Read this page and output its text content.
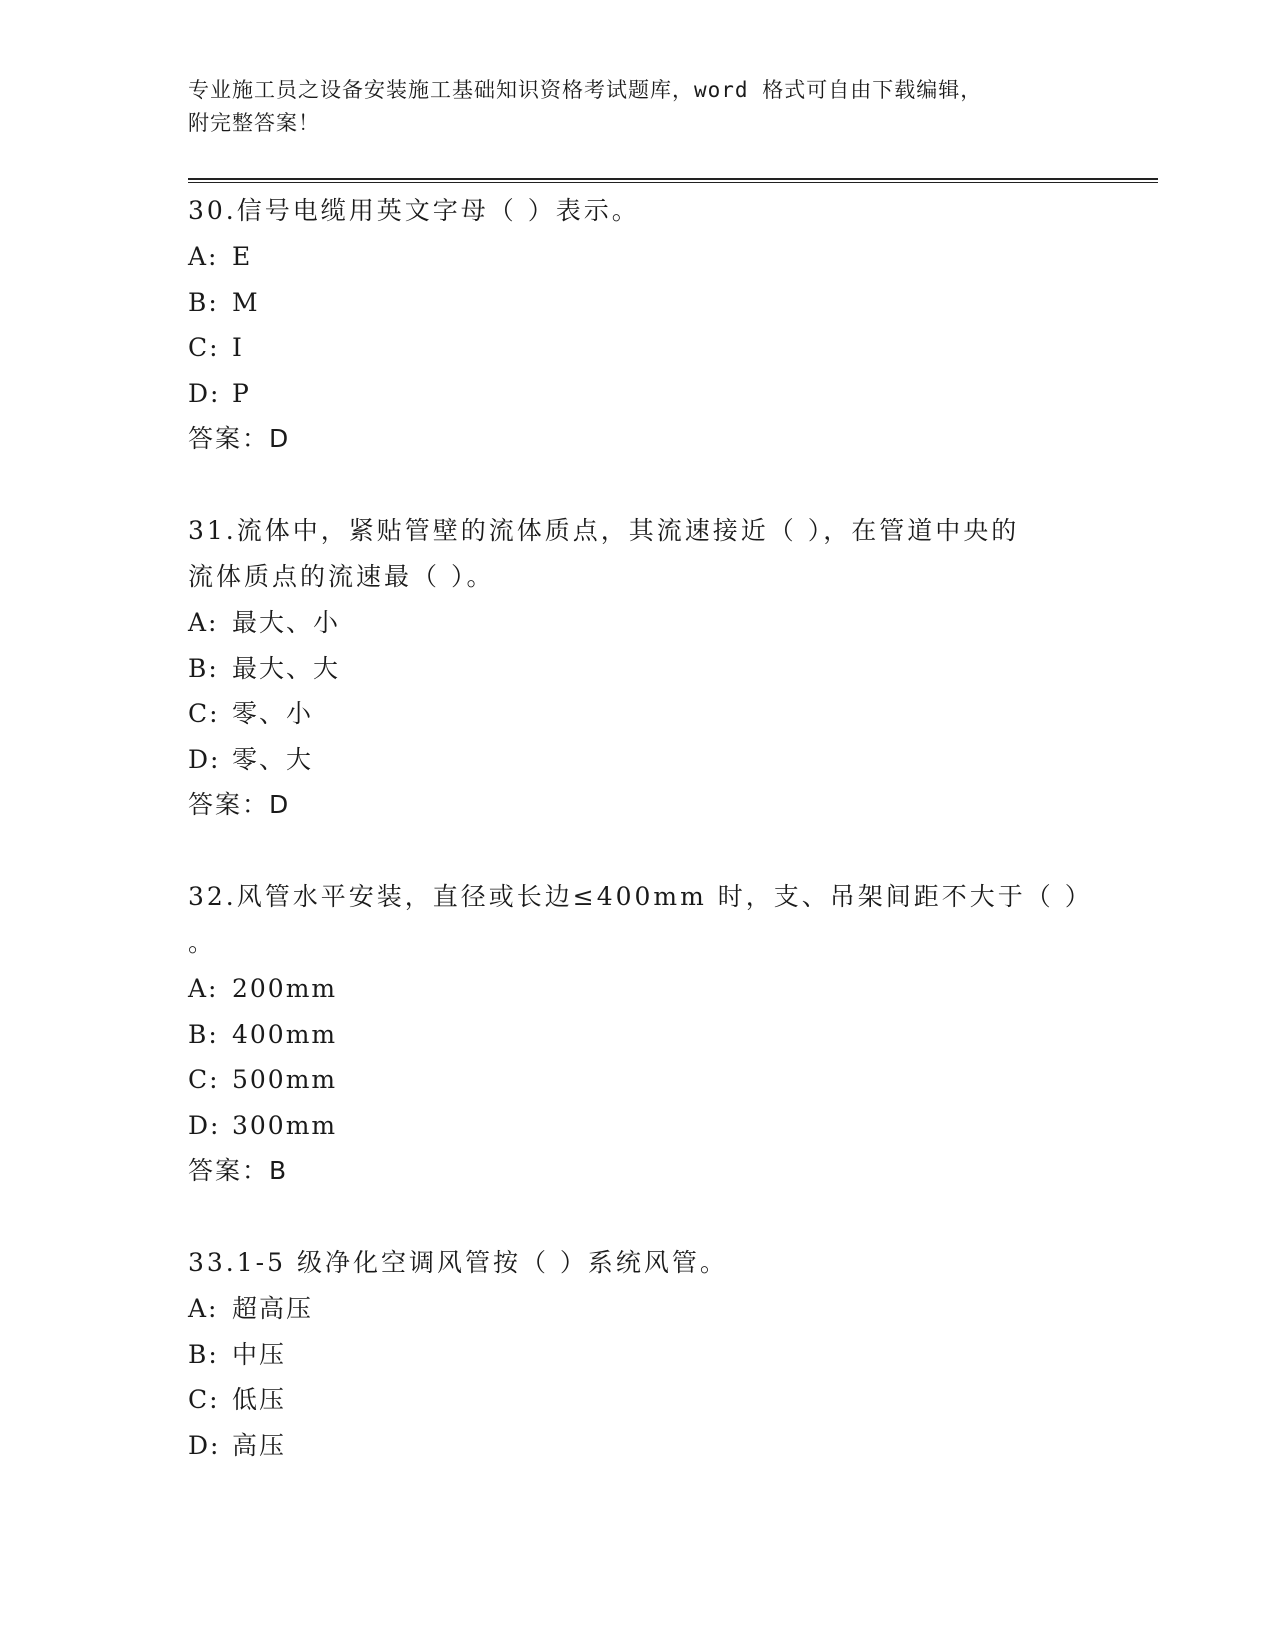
专业施工员之设备安装施工基础知识资格考试题库，word 格式可自由下载编辑，
附完整答案！
30.信号电缆用英文字母（ ）表示。
A: E
B: M
C: I
D: P
答案：D
31.流体中，紧贴管壁的流体质点，其流速接近（ ），在管道中央的
流体质点的流速最（ ）。
A: 最大、小
B: 最大、大
C: 零、小
D: 零、大
答案：D
32.风管水平安装，直径或长边≤400mm 时，支、吊架间距不大于（ ）
。
A: 200mm
B: 400mm
C: 500mm
D: 300mm
答案：B
33.1-5 级净化空调风管按（ ）系统风管。
A: 超高压
B: 中压
C: 低压
D: 高压
